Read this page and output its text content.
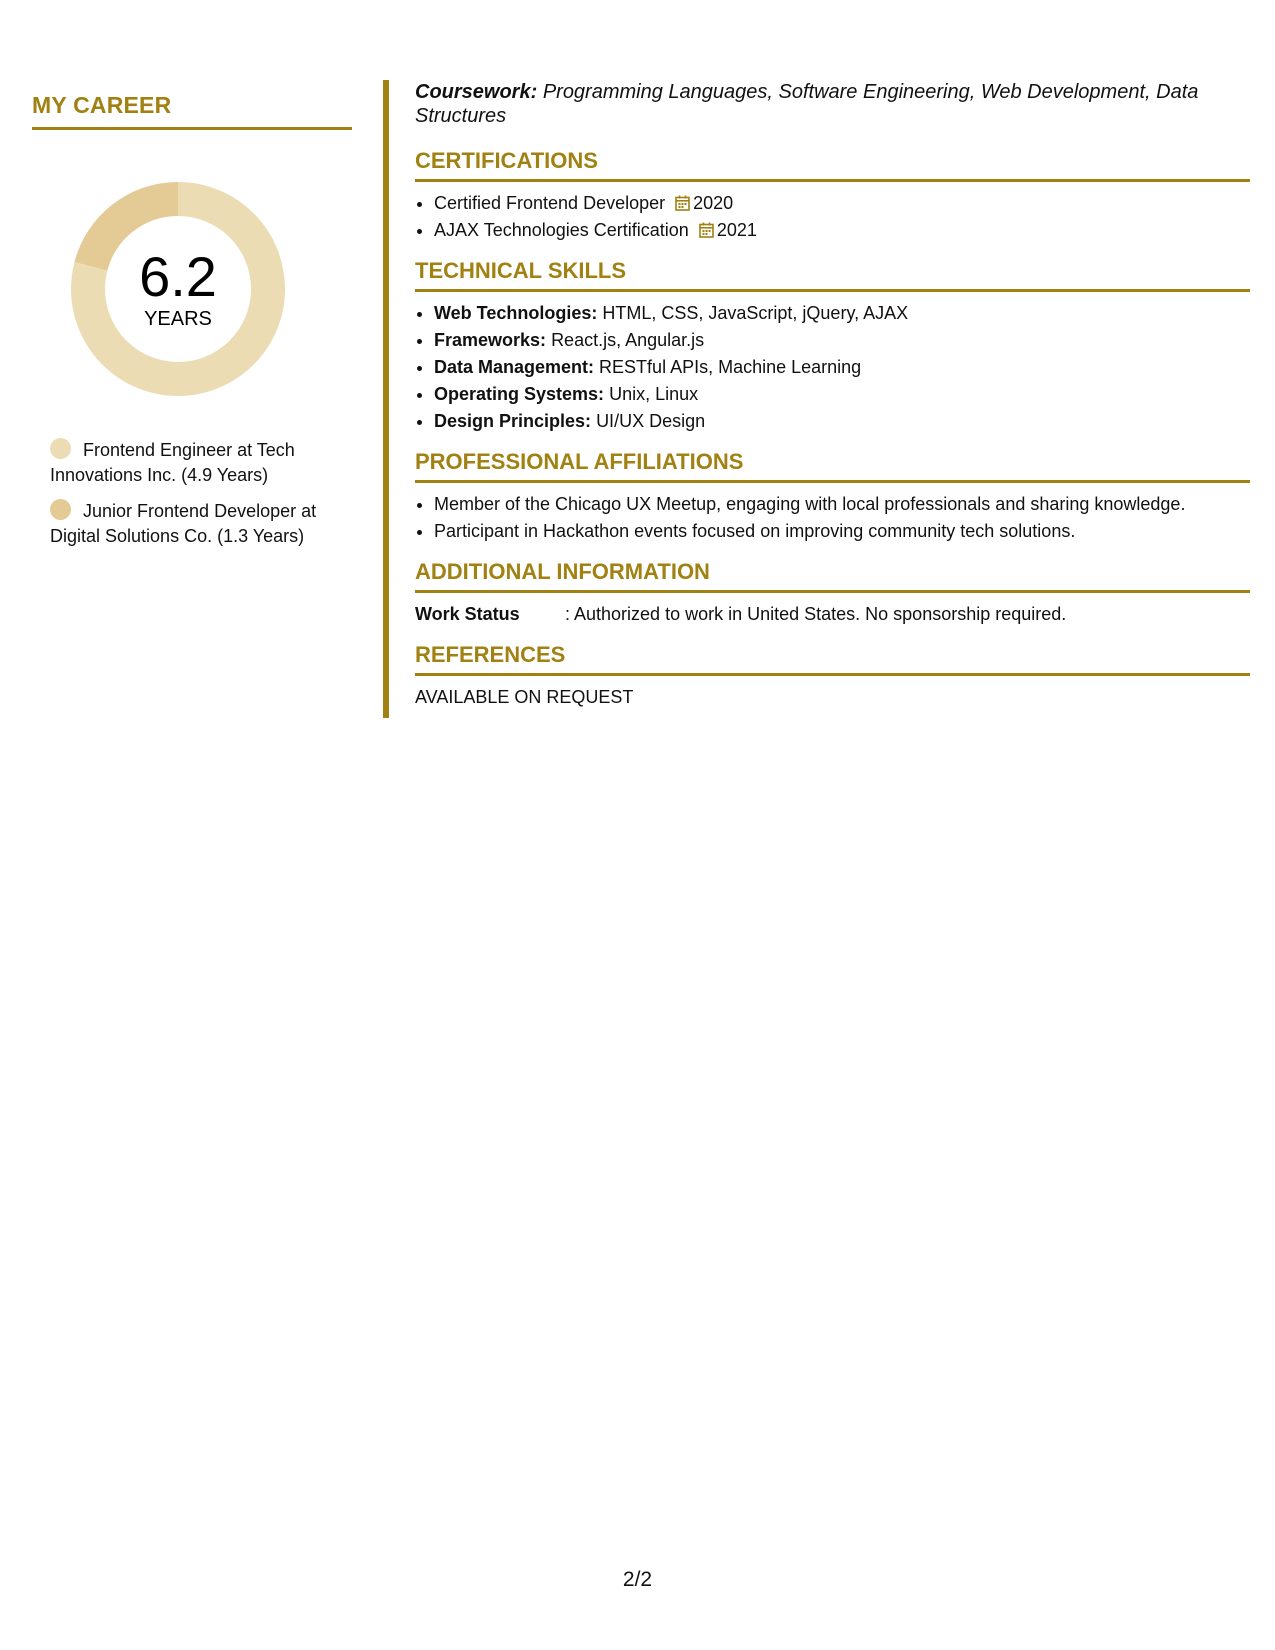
MY CAREER
6.2
YEARS
Frontend Engineer at Tech Innovations Inc. (4.9 Years)
Junior Frontend Developer at Digital Solutions Co. (1.3 Years)

Coursework: Programming Languages, Software Engineering, Web Development, Data Structures

CERTIFICATIONS
• Certified Frontend Developer 2020
• AJAX Technologies Certification 2021
TECHNICAL SKILLS
• Web Technologies: HTML, CSS, JavaScript, jQuery, AJAX
• Frameworks: React.js, Angular.js
• Data Management: RESTful APIs, Machine Learning
• Operating Systems: Unix, Linux
• Design Principles: UI/UX Design
PROFESSIONAL AFFILIATIONS
• Member of the Chicago UX Meetup, engaging with local professionals and sharing knowledge.
• Participant in Hackathon events focused on improving community tech solutions.
ADDITIONAL INFORMATION
Work Status	: Authorized to work in United States. No sponsorship required.
REFERENCES

AVAILABLE ON REQUEST

2/2
